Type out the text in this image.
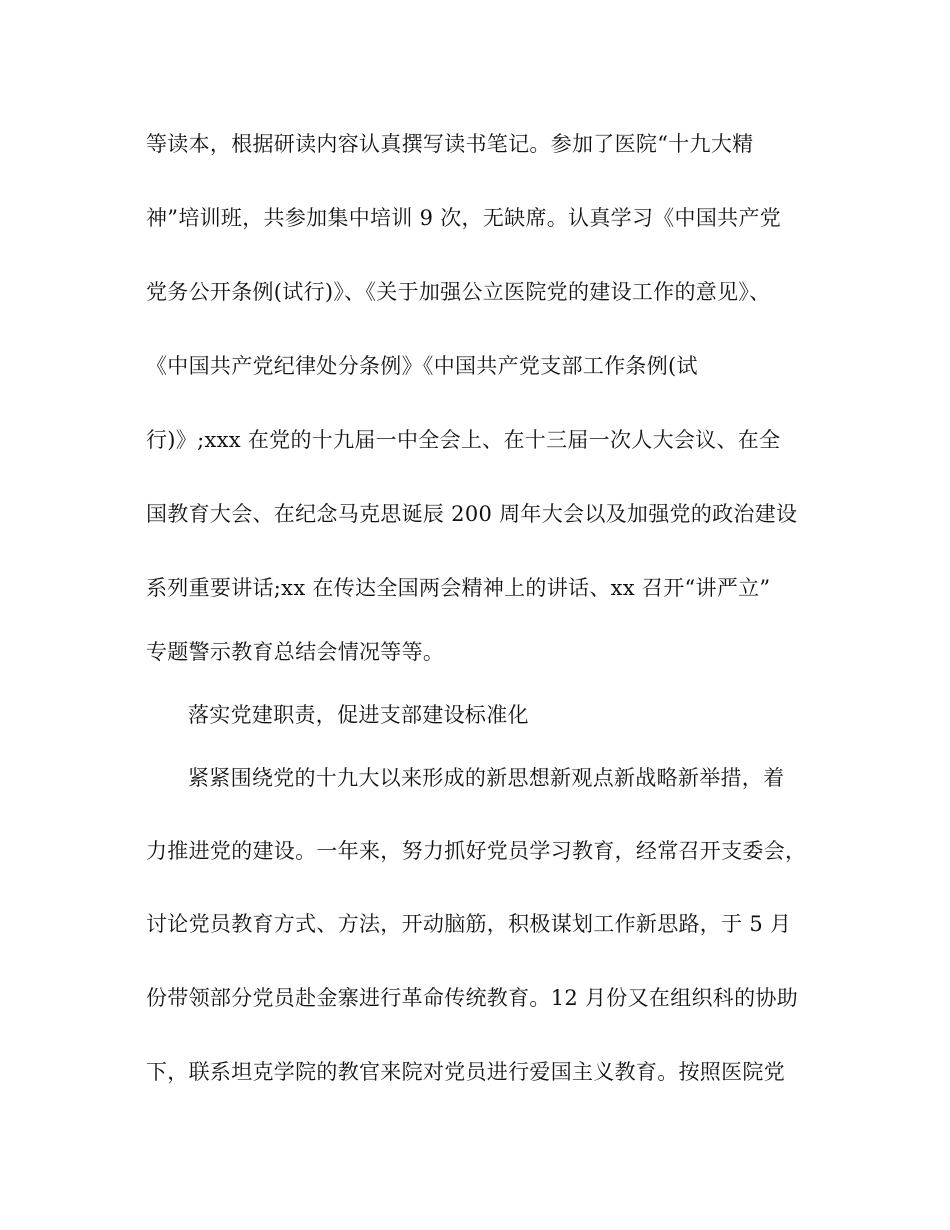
等读本，根据研读内容认真撰写读书笔记。参加了医院“十九大精
神”培训班，共参加集中培训 9 次，无缺席。认真学习《中国共产党
党务公开条例(试行)》、《关于加强公立医院党的建设工作的意见》、
《中国共产党纪律处分条例》《中国共产党支部工作条例(试
行)》;xxx 在党的十九届一中全会上、在十三届一次人大会议、在全
国教育大会、在纪念马克思诞辰 200 周年大会以及加强党的政治建设
系列重要讲话;xx 在传达全国两会精神上的讲话、xx 召开“讲严立”
专题警示教育总结会情况等等。
落实党建职责，促进支部建设标准化
紧紧围绕党的十九大以来形成的新思想新观点新战略新举措，着
力推进党的建设。一年来，努力抓好党员学习教育，经常召开支委会，
讨论党员教育方式、方法，开动脑筋，积极谋划工作新思路，于 5 月
份带领部分党员赴金寨进行革命传统教育。12 月份又在组织科的协助
下，联系坦克学院的教官来院对党员进行爱国主义教育。按照医院党
